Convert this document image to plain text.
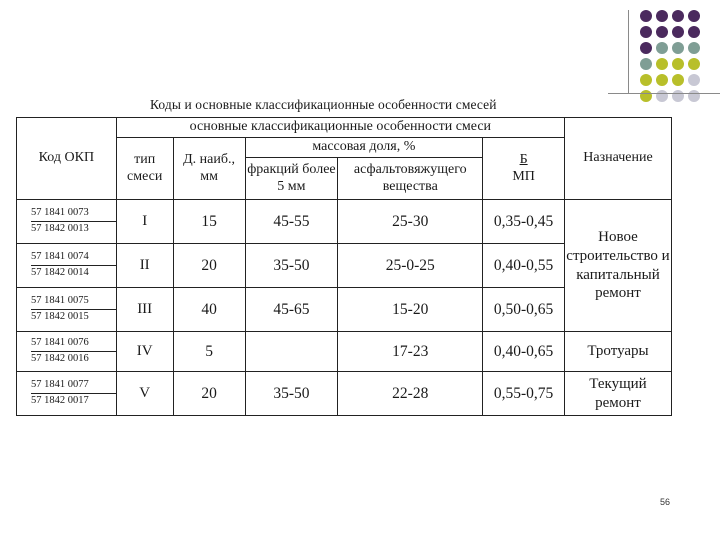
Коды и основные классификационные особенности смесей
Код ОКП	основные классификационные особенности смеси					Назначение
	тип смеси	Д. наиб., мм	массовая доля, %		Б
МП	

			фракций более 5 мм	асфальтовяжущего вещества		

57 1841 0073
57 1842 0013	I	15	45-55	25-30	0,35-0,45	Новое строительство и капитальный ремонт

57 1841 0074
57 1842 0014	II	20	35-50	25-0-25	0,40-0,55	

57 1841 0075
57 1842 0015	III	40	45-65	15-20	0,50-0,65	

57 1841 0076
57 1842 0016	IV	5		17-23	0,40-0,65	Тротуары

57 1841 0077
57 1842 0017	V	20	35-50	22-28	0,55-0,75	Текущий ремонт
56
